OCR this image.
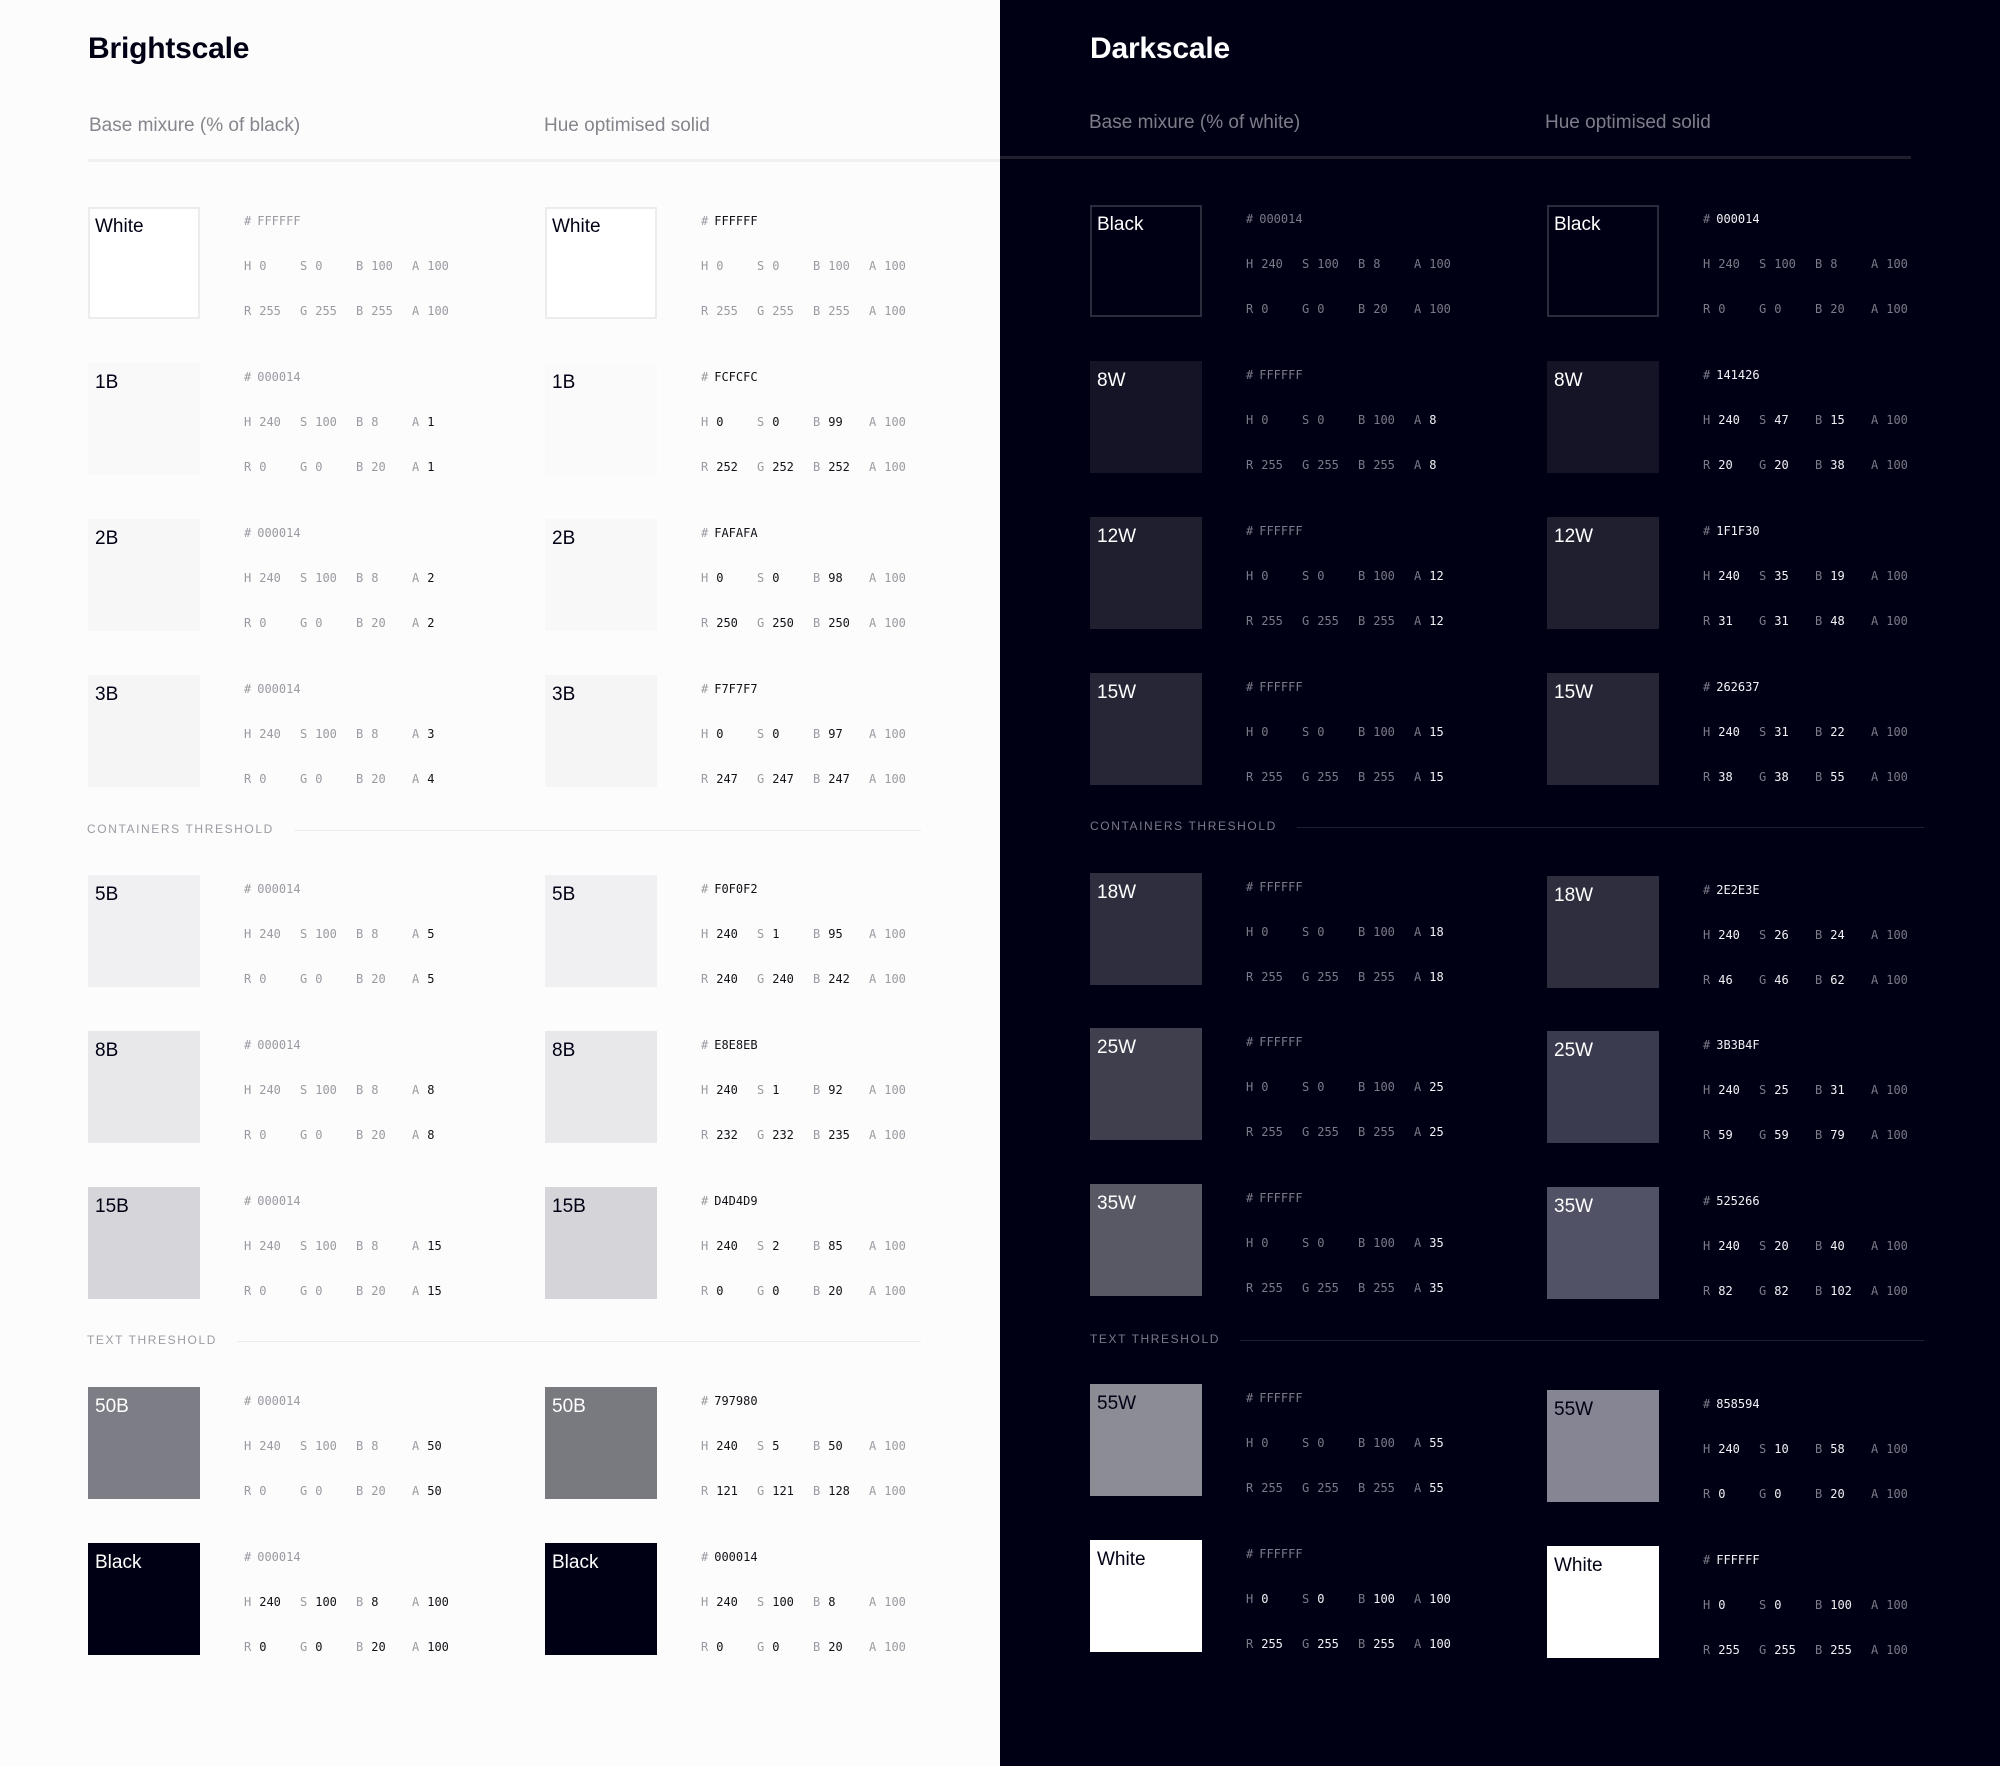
Brightscale
Base mixure (% of black)	Hue optimised solid
White	# FFFFFF
H 0	S 0	B 100 A 100
R 255 G 255 B 255 A 100
1B	# 000014
H 240 S 100 B 8	A 1
R 0	G 0	B 20 A 1
2B	# 000014
H 240 S 100 B 8	A 2
R 0	G 0	B 20 A 2
3B	# 000014
H 240 S 100 B 8	A 3
R 0	G 0	B 20 A 4
5B	# 000014
H 240 S 100 B 8	A 5
R 0	G 0	B 20 A 5
8B	# 000014
H 240 S 100 B 8	A 8
R 0	G 0	B 20 A 8
15B	# 000014
H 240 S 100 B 8	A 15
R 0	G 0	B 20 A 15
50B	# 000014
H 240 S 100 B 8	A 50
R 0	G 0	B 20 A 50
Black	# 000014
H 240 S 100 B 8	A 100
R 0	G 0	B 20 A 100
White	# FFFFFF
H 0	S 0	B 100 A 100
R 255 G 255 B 255 A 100
1B	# FCFCFC
H 0	S 0	B 99 A 100
R 252 G 252 B 252 A 100
2B	# FAFAFA
H 0	S 0	B 98 A 100
R 250 G 250 B 250 A 100
3B	# F7F7F7
H 0	S 0	B 97 A 100
R 247 G 247 B 247 A 100
5B	# F0F0F2
H 240 S 1	B 95 A 100
R 240 G 240 B 242 A 100
8B	# E8E8EB
H 240 S 1	B 92 A 100
R 232 G 232 B 235 A 100
15B	# D4D4D9
H 240 S 2	B 85 A 100
R 0	G 0	B 20 A 100
50B	# 797980
H 240 S 5	B 50 A 100
R 121 G 121 B 128 A 100
Black	# 000014
H 240 S 100 B 8	A 100
R 0	G 0	B 20 A 100
CONTAINERS THRESHOLD
TEXT THRESHOLD
Darkscale
Base mixure (% of white)	Hue optimised solid
Black	# 000014
H 240 S 100 B 8	A 100
R 0	G 0	B 20 A 100
8W	# FFFFFF
H 0	S 0	B 100 A 8
R 255 G 255 B 255 A 8
12W	# FFFFFF
H 0	S 0	B 100 A 12
R 255 G 255 B 255 A 12
15W	# FFFFFF
H 0	S 0	B 100 A 15
R 255 G 255 B 255 A 15
18W	# FFFFFF
H 0	S 0	B 100 A 18
R 255 G 255 B 255 A 18
25W	# FFFFFF
H 0	S 0	B 100 A 25
R 255 G 255 B 255 A 25
35W	# FFFFFF
H 0	S 0	B 100 A 35
R 255 G 255 B 255 A 35
55W	# FFFFFF
H 0	S 0	B 100 A 55
R 255 G 255 B 255 A 55
White	# FFFFFF
H 0	S 0	B 100 A 100
R 255 G 255 B 255 A 100
Black	# 000014
H 240 S 100 B 8	A 100
R 0	G 0	B 20 A 100
8W	# 141426
H 240 S 47 B 15 A 100
R 20 G 20 B 38 A 100
12W	# 1F1F30
H 240 S 35 B 19 A 100
R 31 G 31 B 48 A 100
15W	# 262637
H 240 S 31 B 22 A 100
R 38 G 38 B 55 A 100
18W	# 2E2E3E
H 240 S 26 B 24 A 100
R 46 G 46 B 62 A 100
25W	# 3B3B4F
H 240 S 25 B 31 A 100
R 59 G 59 B 79 A 100
35W	# 525266
H 240 S 20 B 40 A 100
R 82 G 82 B 102 A 100
55W	# 858594
H 240 S 10 B 58 A 100
R 0	G 0	B 20 A 100
White	# FFFFFF
H 0	S 0	B 100 A 100
R 255 G 255 B 255 A 100
CONTAINERS THRESHOLD
TEXT THRESHOLD
